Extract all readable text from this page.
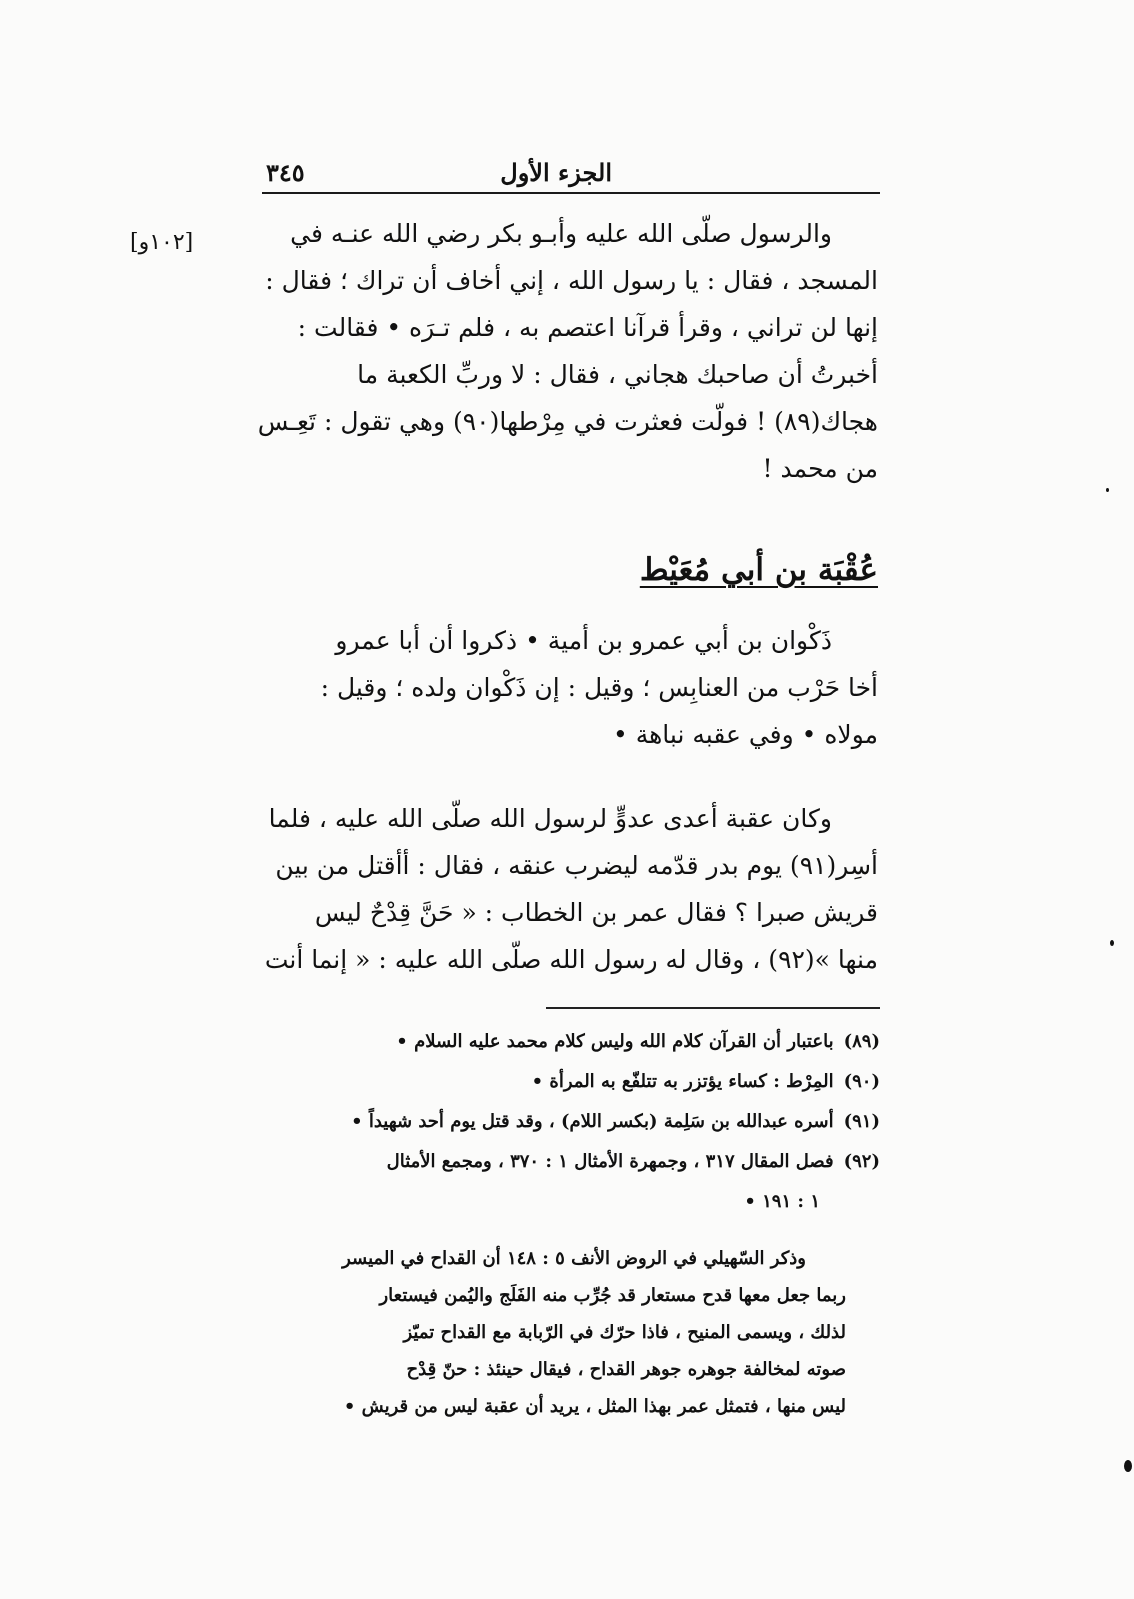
الجزء الأول
٣٤٥
[١٠٢و]	والرسول صلّى الله عليه وأبـو بكر رضي الله عنـه في

المسجد ، فقال : يا رسول الله ، إني أخاف أن تراك ؛ فقال :

إنها لن تراني ، وقرأ قرآنا اعتصم به ، فلم تـرَه • فقالت :

أخبرتُ أن صاحبك هجاني ، فقال : لا وربِّ الكعبة ما

هجاك(٨٩) ! فولّت فعثرت في مِرْطها(٩٠) وهي تقول : تَعِـس

من محمد !

عُقْبَة بن أبي مُعَيْط

ذَكْوان بن أبي عمرو بن أمية • ذكروا أن أبا عمرو

أخا حَرْب من العنابِس ؛ وقيل : إن ذَكْوان ولده ؛ وقيل :

مولاه • وفي عقبه نباهة •

وكان عقبة أعدى عدوٍّ لرسول الله صلّى الله عليه ، فلما

أسِر(٩١) يوم بدر قدّمه ليضرب عنقه ، فقال : أأقتل من بين

قريش صبرا ؟ فقال عمر بن الخطاب : « حَنَّ قِدْحٌ ليس

منها »(٩٢) ، وقال له رسول الله صلّى الله عليه : « إنما أنت

(٨٩)باعتبار أن القرآن كلام الله وليس كلام محمد عليه السلام •

(٩٠)المِرْط : كساء يؤتزر به تتلفّع به المرأة •

(٩١)أسره عبدالله بن سَلِمة (بكسر اللام) ، وقد قتل يوم أحد شهيداً •

(٩٢)فصل المقال ٣١٧ ، وجمهرة الأمثال ١ : ٣٧٠ ، ومجمع الأمثال

١ : ١٩١ •

وذكر السّهيلي في الروض الأنف ٥ : ١٤٨ أن القداح في الميسر

ربما جعل معها قدح مستعار قد جُرِّب منه الفَلَج واليُمن فيستعار

لذلك ، ويسمى المنيح ، فاذا حرّك في الرّبابة مع القداح تميّز

صوته لمخالفة جوهره جوهر القداح ، فيقال حينئذ : حنّ قِدْح

ليس منها ، فتمثل عمر بهذا المثل ، يريد أن عقبة ليس من قريش •
